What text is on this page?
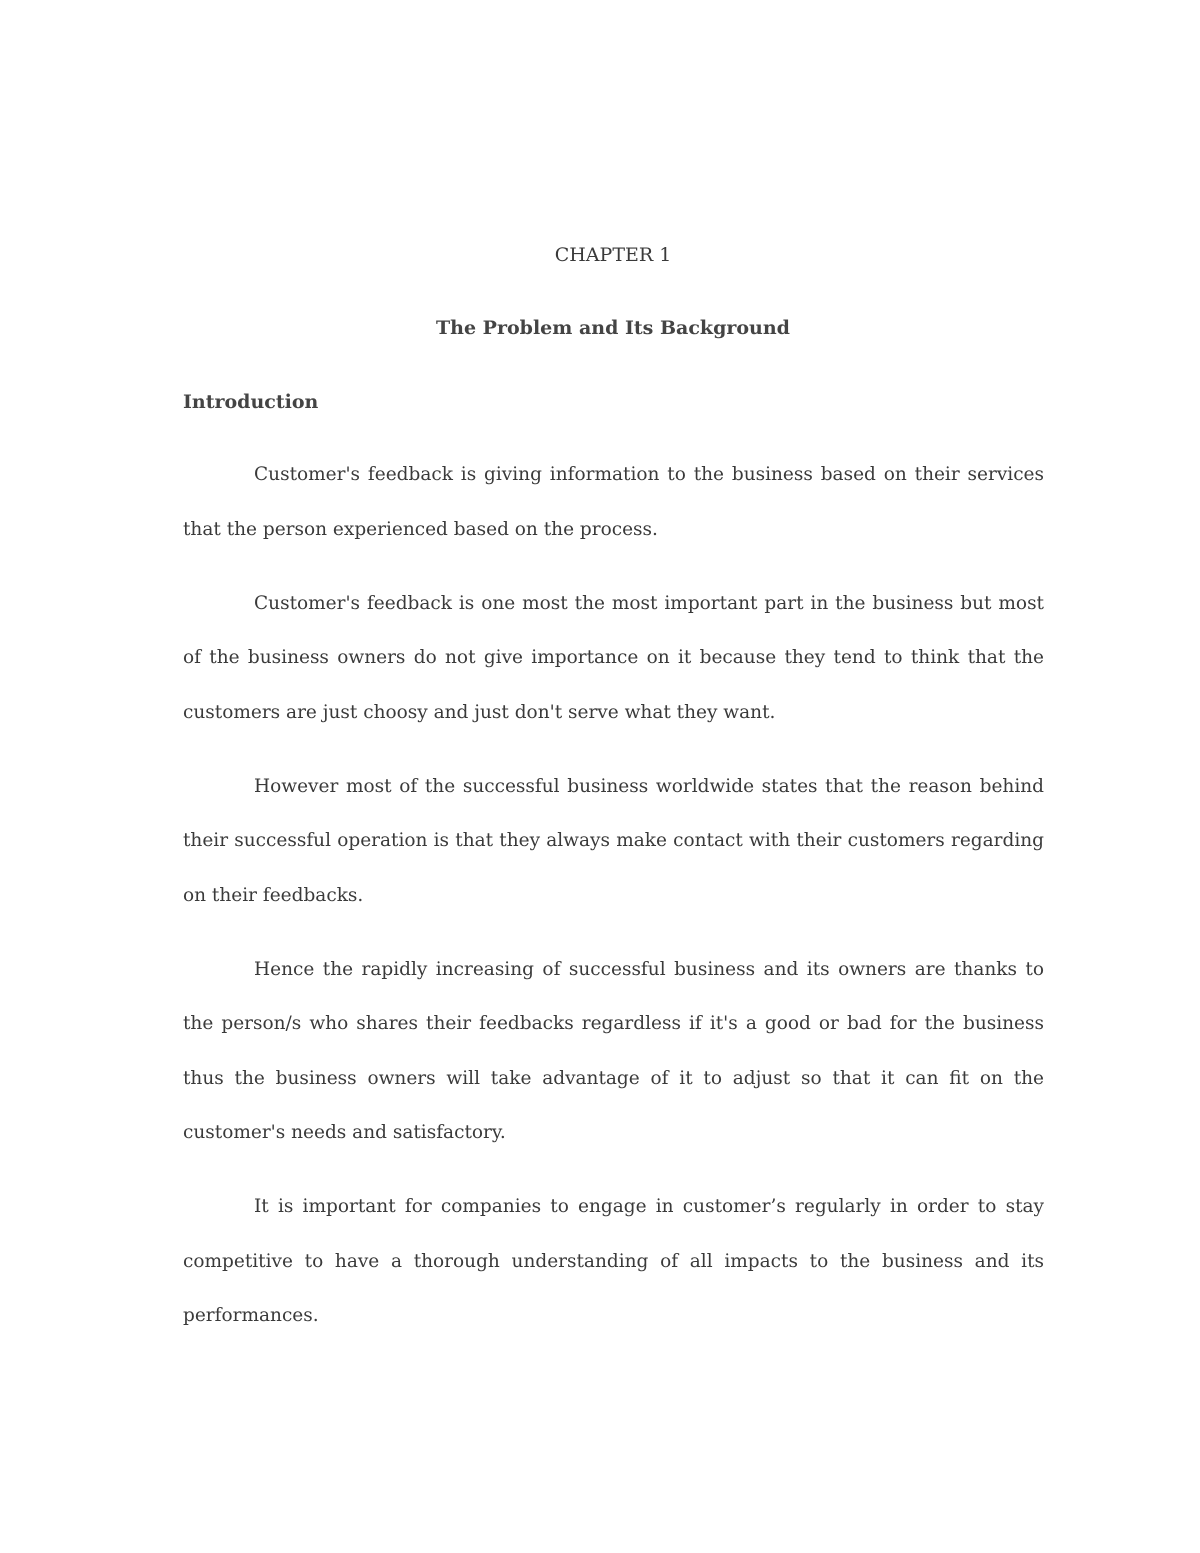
CHAPTER 1
The Problem and Its Background
Introduction

Customer's feedback is giving information to the business based on their services that the person experienced based on the process.

Customer's feedback is one most the most important part in the business but most of the business owners do not give importance on it because they tend to think that the customers are just choosy and just don't serve what they want.

However most of the successful business worldwide states that the reason behind their successful operation is that they always make contact with their customers regarding on their feedbacks.

Hence the rapidly increasing of successful business and its owners are thanks to the person/s who shares their feedbacks regardless if it's a good or bad for the business thus the business owners will take advantage of it to adjust so that it can fit on the customer's needs and satisfactory.

It is important for companies to engage in customer’s regularly in order to stay competitive to have a thorough understanding of all impacts to the business and its performances.
